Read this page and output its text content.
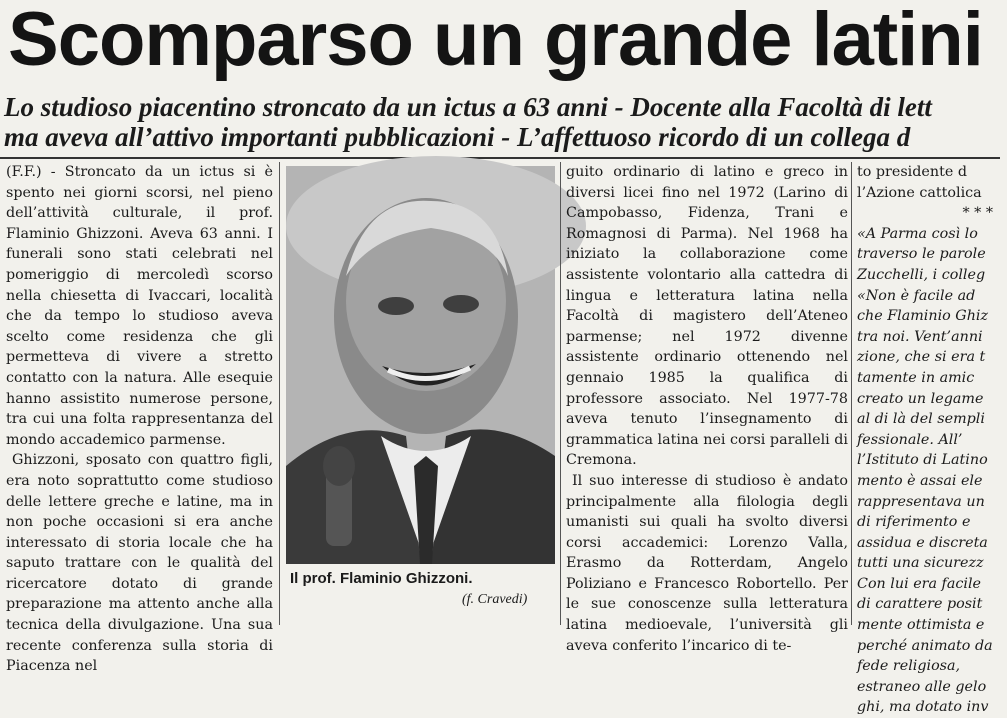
Scomparso un grande latini
Lo studioso piacentino stroncato da un ictus a 63 anni - Docente alla Facoltà di lett
ma aveva all’attivo importanti pubblicazioni - L’affettuoso ricordo di un collega d

(F.F.) - Stroncato da un ictus si è spento nei giorni scorsi, nel pieno dell’attività culturale, il prof. Flaminio Ghizzoni. Aveva 63 anni. I funerali sono stati celebrati nel pomeriggio di mercoledì scorso nella chiesetta di Ivaccari, località che da tempo lo studioso aveva scelto come residenza che gli permetteva di vivere a stretto contatto con la natura. Alle esequie hanno assistito numerose persone, tra cui una folta rappresentanza del mondo accademico parmense.

Ghizzoni, sposato con quattro figli, era noto soprattutto come studioso delle lettere greche e latine, ma in non poche occasioni si era anche interessato di storia locale che ha saputo trattare con le qualità del ricercatore dotato di grande preparazione ma attento anche alla tecnica della divulgazione. Una sua recente conferenza sulla storia di Piacenza nel

Il prof. Flaminio Ghizzoni.
(f. Cravedi)

guito ordinario di latino e greco in diversi licei fino nel 1972 (Larino di Campobasso, Fidenza, Trani e Romagnosi di Parma). Nel 1968 ha iniziato la collaborazione come assistente volontario alla cattedra di lingua e letteratura latina nella Facoltà di magistero dell’Ateneo parmense; nel 1972 divenne assistente ordinario ottenendo nel gennaio 1985 la qualifica di professore associato. Nel 1977-78 aveva tenuto l’insegnamento di grammatica latina nei corsi paralleli di Cremona.

Il suo interesse di studioso è andato principalmente alla filologia degli umanisti sui quali ha svolto diversi corsi accademici: Lorenzo Valla, Erasmo da Rotterdam, Angelo Poliziano e Francesco Robortello. Per le sue conoscenze sulla letteratura latina medioevale, l’università gli aveva conferito l’incarico di te-

to presidente d
l’Azione cattolica
* * *
«A Parma così lo
traverso le parole
Zucchelli, i colleg
«Non è facile ad
che Flaminio Ghiz
tra noi. Vent’anni
zione, che si era t
tamente in amic
creato un legame
al di là del sempli
fessionale. All’
l’Istituto di Latino
mento è assai ele
rappresentava un
di riferimento e
assidua e discreta
tutti una sicurezz
Con lui era facile
di carattere posit
mente ottimista e
perché animato da
fede religiosa,
estraneo alle gelo
ghi, ma dotato inv
